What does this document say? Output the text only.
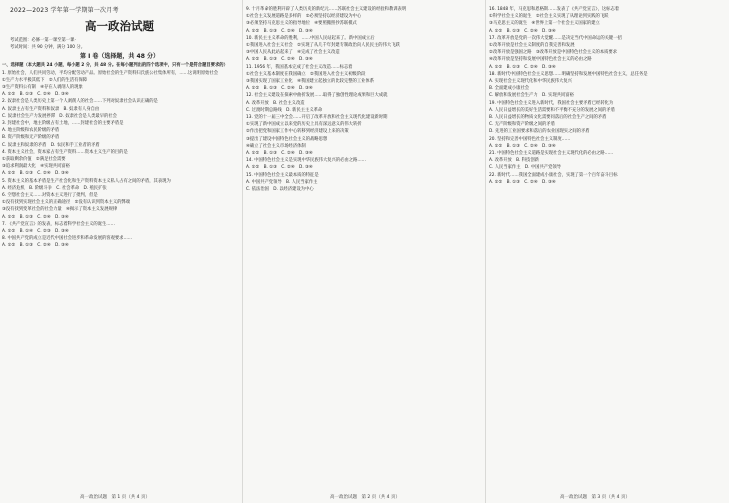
2022—2023 学年第一学期第一次月考
高一政治试题
考试范围：必修一第一课至第一课·
考试时间：共 90 分钟，满分 100 分。
第 Ⅰ 卷（选择题，共 48 分）
一、选择题（本大题共 24 小题，每小题 2 分，共 48 分。在每小题列出的四个选项中，只有一个是符合题目要求的）
1. 原始社会，人们共同劳动，平均分配劳动产品。原始社会的生产资料归氏族公社集体所有，……这说明原始社会
①生产力水平极其低下　②人们的生活有保障
③生产资料公有制　④存在人剥削人的现象
A. ①②　B. ①③　C. ②④　D. ③④
2. 奴隶社会是人类历史上第一个人剥削人的社会……下列对奴隶社会认识正确的是
A. 奴隶主占有生产资料和奴隶　B. 奴隶有人身自由
C. 奴隶社会生产力发展停滞　D. 奴隶社会是人类最早的社会
3. 封建社会中，地主阶级占有土地，……封建社会的主要矛盾是
A. 地主阶级和农民阶级的矛盾
B. 资产阶级和无产阶级的矛盾
C. 奴隶主和奴隶的矛盾　D. 农民和手工业者的矛盾
4. 资本主义社会，资本家占有生产资料……资本主义生产的目的是
①获取剩余价值　②满足社会需要
③追求利润最大化　④实现共同富裕
A. ①②　B. ①③　C. ②④　D. ③④
5. 资本主义的基本矛盾是生产社会化和生产资料资本主义私人占有之间的矛盾，其表现为
A. 经济危机　B. 阶级斗争　C. 社会革命　D. 殖民扩张
6. 空想社会主义……对资本主义进行了批判，但是
①没有找到实现社会主义的正确途径　②没有认识到资本主义的弊端
③没有找到变革社会的社会力量　④揭示了资本主义发展规律
A. ①②　B. ①③　C. ②④　D. ③④
7. 《共产党宣言》的发表，标志着科学社会主义的诞生……
A. ①②　B. ①④　C. ②③　D. ③④
8. 中国共产党的成立是近代中国社会进步和革命发展的客观要求……
A. ①②　B. ①③　C. ②④　D. ③④
9. 十月革命的胜利开辟了人类历史的新纪元……苏联社会主义建设的经验和教训表明
①社会主义发展道路是多样的　②必须坚持以经济建设为中心
③必须坚持马克思主义的指导地位　④要照搬照抄苏联模式
A. ①②　B. ①③　C. ②④　D. ③④
10. 新民主主义革命的胜利，……中国人民站起来了。新中国成立后
①我国进入社会主义社会　②实现了从几千年封建专制政治向人民民主的伟大飞跃
③中国人民从此站起来了　④完成了社会主义改造
A. ①②　B. ①③　C. ②④　D. ③④
11. 1956 年，我国基本完成了社会主义改造……标志着
①社会主义基本制度在我国确立　②我国进入社会主义初级阶段
③我国实现了国家工业化　④我国建立起独立的比较完整的工业体系
A. ①②　B. ①③　C. ②④　D. ③④
12. 社会主义建设在探索中曲折发展……取得了独创性理论成果和巨大成就
A. 改革开放　B. 社会主义改造
C. 过渡时期总路线　D. 新民主主义革命
13. 党的十一届三中全会……开启了改革开放和社会主义现代化建设新时期
①实现了新中国成立以来党的历史上具有深远意义的伟大转折
②作出把党和国家工作中心转移到经济建设上来的决策
③提出了建设中国特色社会主义的战略思想
④确立了社会主义市场经济体制
A. ①②　B. ①③　C. ②④　D. ③④
14. 中国特色社会主义是实现中华民族伟大复兴的必由之路……
A. ①②　B. ①③　C. ②④　D. ③④
15. 中国特色社会主义最本质的特征是
A. 中国共产党领导　B. 人民当家作主
C. 依法治国　D. 以经济建设为中心
16. 1848 年，马克思和恩格斯……发表了《共产党宣言》，这标志着
①科学社会主义的诞生　②社会主义实现了从理论到实践的飞跃
③马克思主义的诞生　④世界上第一个社会主义国家的建立
A. ①②　B. ①③　C. ②④　D. ③④
17. 改革开放是党的一次伟大觉醒……是决定当代中国命运的关键一招
①改革开放是社会主义制度的自我完善和发展
②改革开放是强国之路　③改革开放是中国特色社会主义的本质要求
④改革开放是坚持和发展中国特色社会主义的必由之路
A. ①②　B. ①③　C. ②④　D. ③④
18. 新时代中国特色社会主义思想……明确坚持和发展中国特色社会主义，总任务是
A. 实现社会主义现代化和中华民族伟大复兴
B. 全面建成小康社会
C. 解放和发展社会生产力　D. 实现共同富裕
19. 中国特色社会主义进入新时代，我国社会主要矛盾已经转化为
A. 人民日益增长的美好生活需要和不平衡不充分的发展之间的矛盾
B. 人民日益增长的物质文化需要同落后的社会生产之间的矛盾
C. 无产阶级和资产阶级之间的矛盾
D. 先进的工业国要求和落后的农业国现实之间的矛盾
20. 坚持和完善中国特色社会主义制度……
A. ①②　B. ①③　C. ②④　D. ③④
21. 中国特色社会主义道路是实现社会主义现代化的必由之路……
A. 改革开放　B. 科技创新
C. 人民当家作主　D. 中国共产党领导
22. 新时代……我国全面建成小康社会，实现了第一个百年奋斗目标
A. ①②　B. ①③　C. ②④　D. ③④
高一政治试题　第 1 页（共 4 页）	高一政治试题　第 2 页（共 4 页）	高一政治试题　第 3 页（共 4 页）
